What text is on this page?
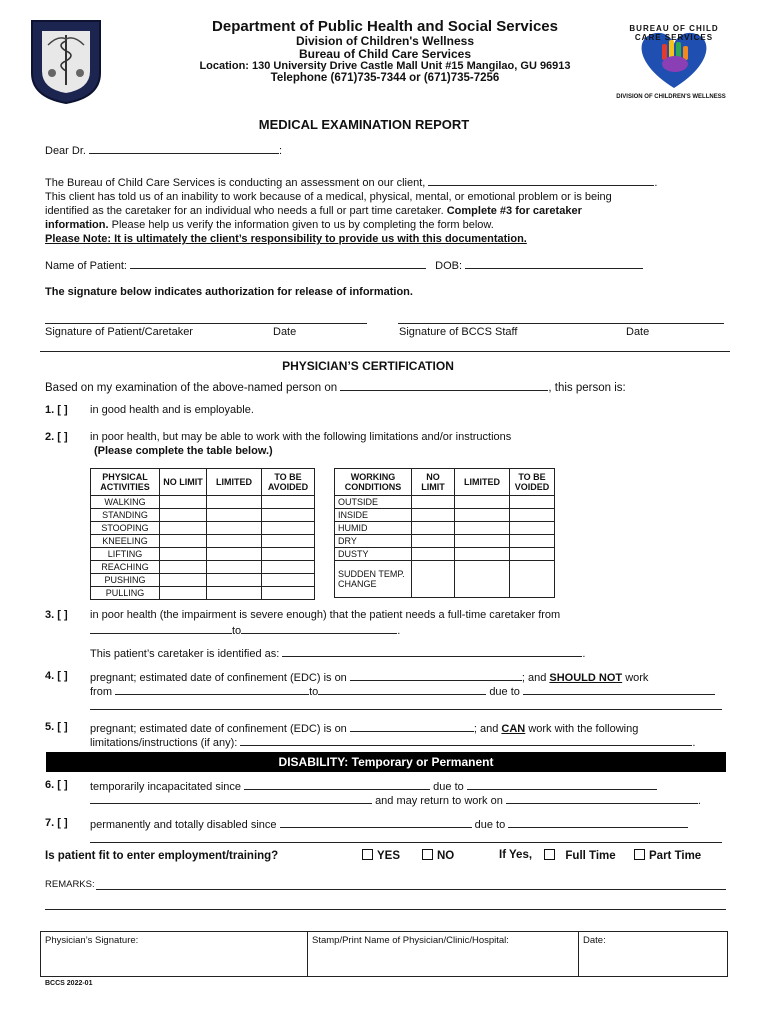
Department of Public Health and Social Services
Division of Children's Wellness
Bureau of Child Care Services
Location: 130 University Drive Castle Mall Unit #15 Mangilao, GU 96913
Telephone (671)735-7344 or (671)735-7256
BUREAU OF CHILD CARE SERVICES
DIVISION OF CHILDREN'S WELLNESS
MEDICAL EXAMINATION REPORT
Dear Dr.	:
The Bureau of Child Care Services is conducting an assessment on our client,	.
This client has told us of an inability to work because of a medical, physical, mental, or emotional problem or is being
identified as the caretaker for an individual who needs a full or part time caretaker. Complete #3 for caretaker
information. Please help us verify the information given to us by completing the form below.
Please Note: It is ultimately the client’s responsibility to provide us with this documentation.
Name of Patient:	DOB:
The signature below indicates authorization for release of information.
Signature of Patient/Caretaker	Date	Signature of BCCS Staff	Date
PHYSICIAN’S CERTIFICATION
Based on my examination of the above-named person on	, this person is:
1. [ ] in good health and is employable.
2. [ ] in poor health, but may be able to work with the following limitations and/or instructions
(Please complete the table below.)
PHYSICAL ACTIVITIES	NO LIMIT	LIMITED	TO BE AVOIDED
WALKING			
STANDING			
STOOPING			
KNEELING			
LIFTING			
REACHING			
PUSHING			
PULLING			
WORKING CONDITIONS	NO LIMIT	LIMITED	TO BE VOIDED
OUTSIDE			
INSIDE			
HUMID			
DRY			
DUSTY			
SUDDEN TEMP. CHANGE			
3. [ ] in poor health (the impairment is severe enough) that the patient needs a full-time caretaker from
to	.
This patient’s caretaker is identified as:	.
4. [ ] pregnant; estimated date of confinement (EDC) is on	; and SHOULD NOT work
from	to	due to
5. [ ] pregnant; estimated date of confinement (EDC) is on	; and CAN work with the following
limitations/instructions (if any):	.
DISABILITY: Temporary or Permanent
6. [ ] temporarily incapacitated since	due to
and may return to work on	.
7. [ ] permanently and totally disabled since	due to
Is patient fit to enter employment/training?	YES	NO	If Yes,	Full Time	Part Time
REMARKS:
Physician’s Signature:	Stamp/Print Name of Physician/Clinic/Hospital:	Date:
BCCS 2022-01
